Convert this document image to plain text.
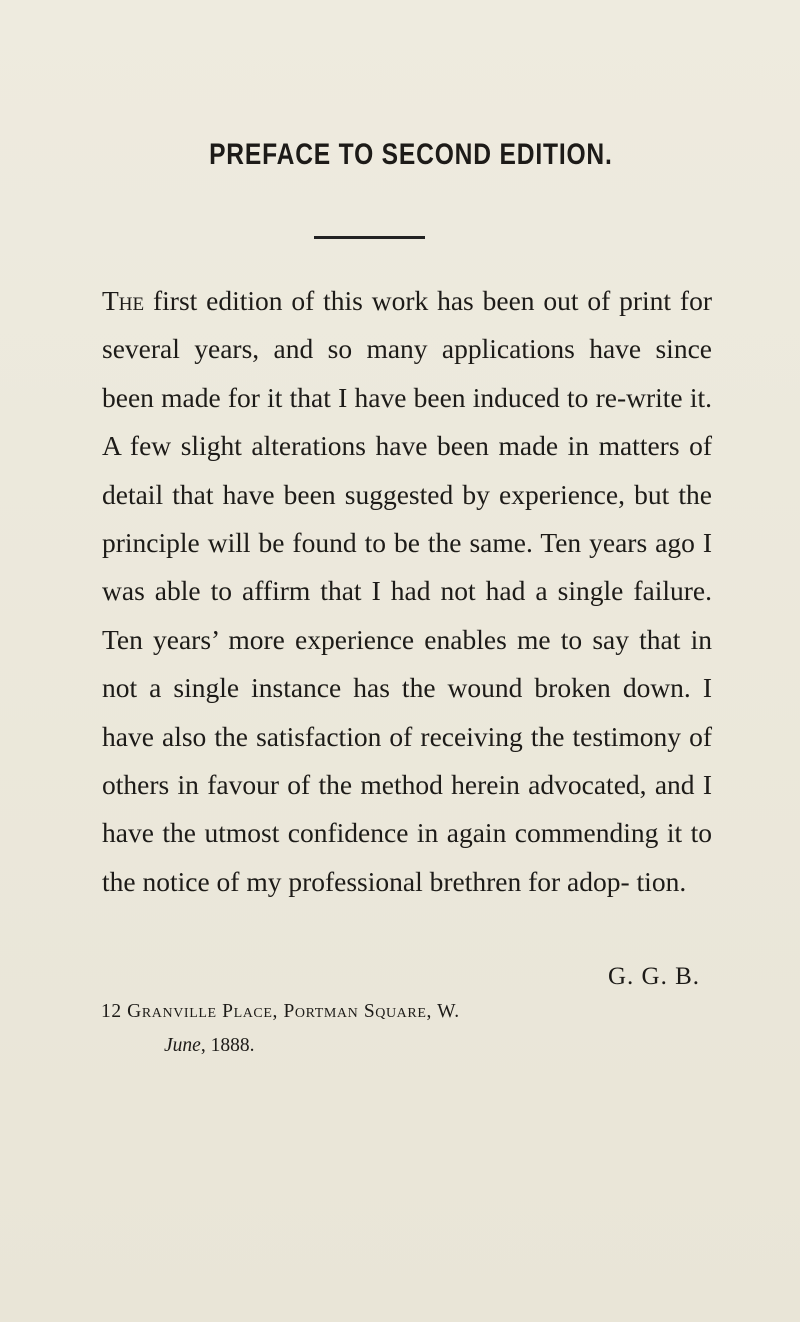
PREFACE TO SECOND EDITION.

The first edition of this work has been out of print for several years, and so many applications have since been made for it that I have been induced to re-write it. A few slight alterations have been made in matters of detail that have been suggested by experience, but the principle will be found to be the same. Ten years ago I was able to affirm that I had not had a single failure. Ten years’ more experience enables me to say that in not a single instance has the wound broken down. I have also the satisfaction of receiving the testimony of others in favour of the method herein advocated, and I have the utmost confidence in again commending it to the notice of my professional brethren for adop- tion.

G. G. B.
12 Granville Place, Portman Square, W.
June, 1888.
